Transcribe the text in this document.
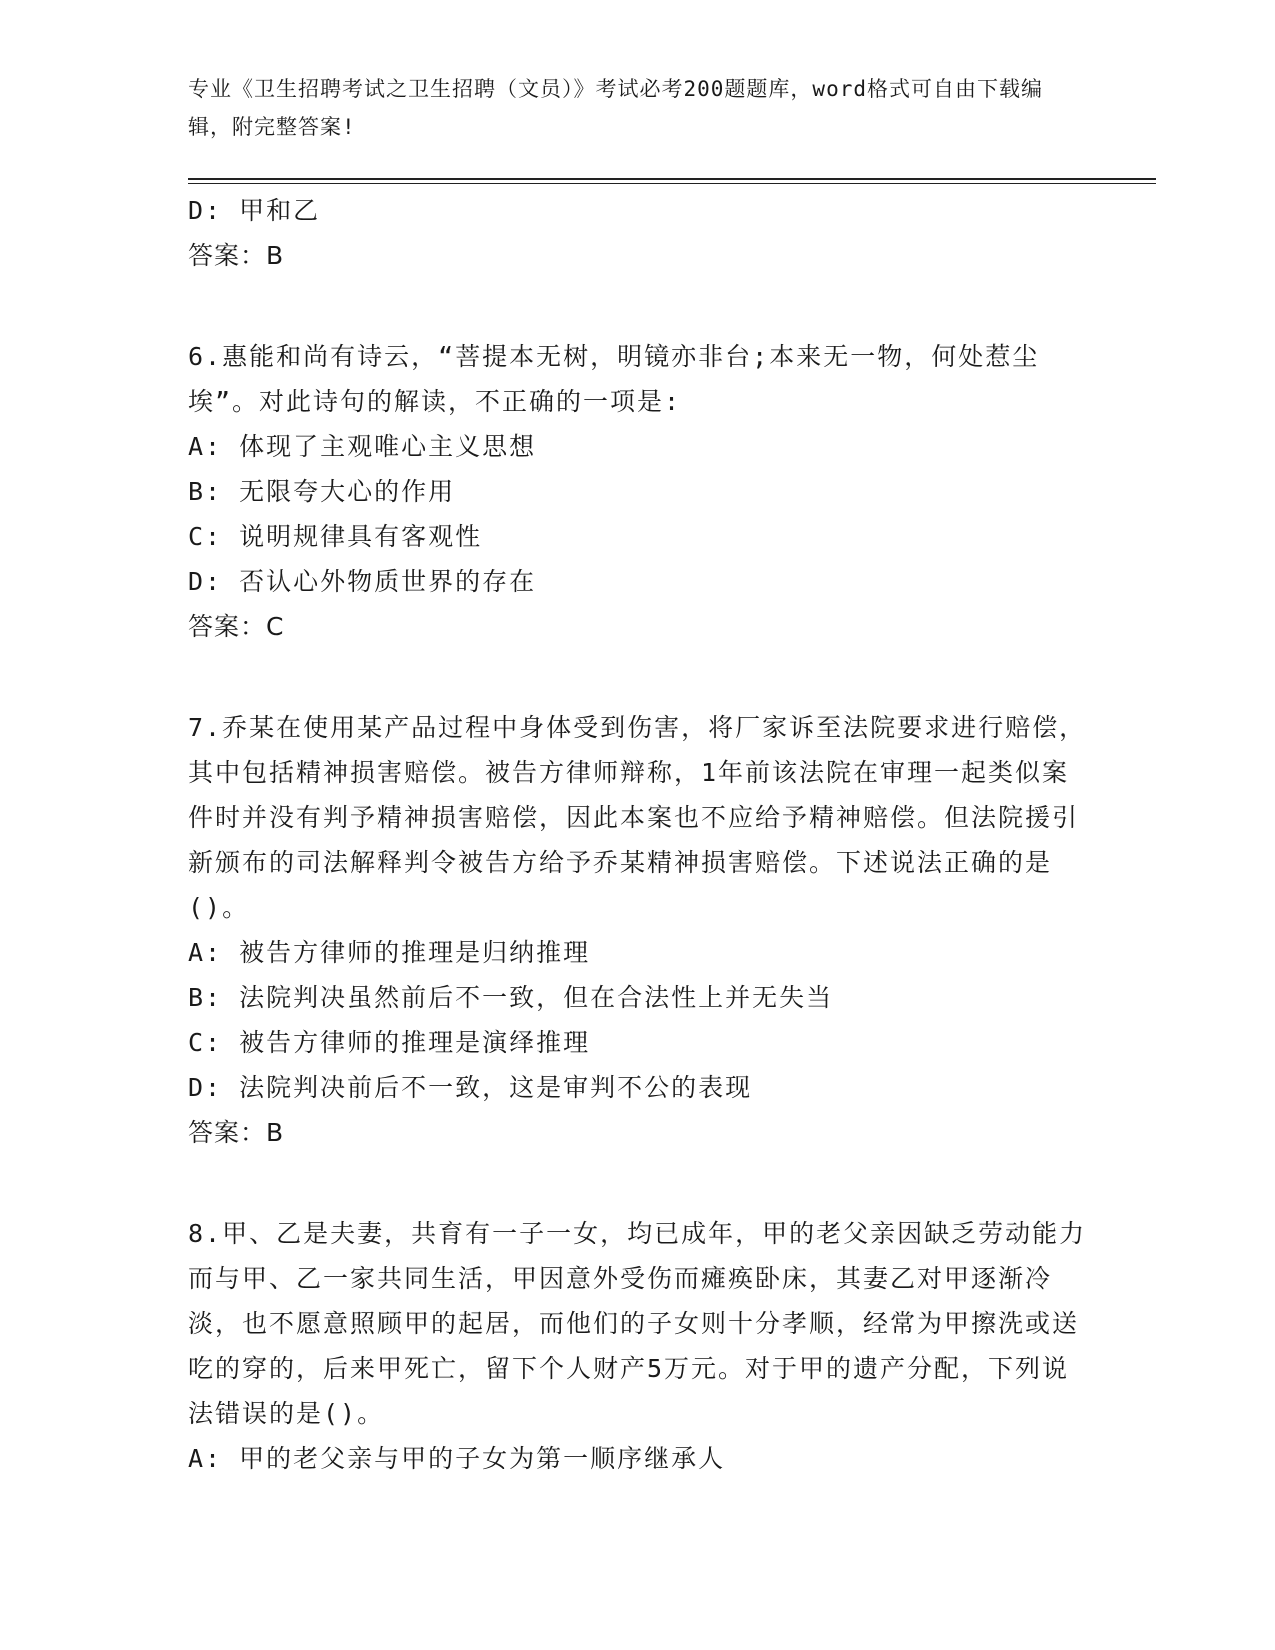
专业《卫生招聘考试之卫生招聘（文员）》考试必考200题题库，word格式可自由下载编辑，附完整答案!

D: 甲和乙

答案：B

6.惠能和尚有诗云，“菩提本无树，明镜亦非台;本来无一物，何处惹尘埃”。对此诗句的解读，不正确的一项是:

A: 体现了主观唯心主义思想

B: 无限夸大心的作用

C: 说明规律具有客观性

D: 否认心外物质世界的存在

答案：C

7.乔某在使用某产品过程中身体受到伤害，将厂家诉至法院要求进行赔偿，其中包括精神损害赔偿。被告方律师辩称，1年前该法院在审理一起类似案件时并没有判予精神损害赔偿，因此本案也不应给予精神赔偿。但法院援引新颁布的司法解释判令被告方给予乔某精神损害赔偿。下述说法正确的是()。

A: 被告方律师的推理是归纳推理

B: 法院判决虽然前后不一致，但在合法性上并无失当

C: 被告方律师的推理是演绎推理

D: 法院判决前后不一致，这是审判不公的表现

答案：B

8.甲、乙是夫妻，共育有一子一女，均已成年，甲的老父亲因缺乏劳动能力而与甲、乙一家共同生活，甲因意外受伤而瘫痪卧床，其妻乙对甲逐渐冷淡，也不愿意照顾甲的起居，而他们的子女则十分孝顺，经常为甲擦洗或送吃的穿的，后来甲死亡，留下个人财产5万元。对于甲的遗产分配，下列说法错误的是()。

A: 甲的老父亲与甲的子女为第一顺序继承人
